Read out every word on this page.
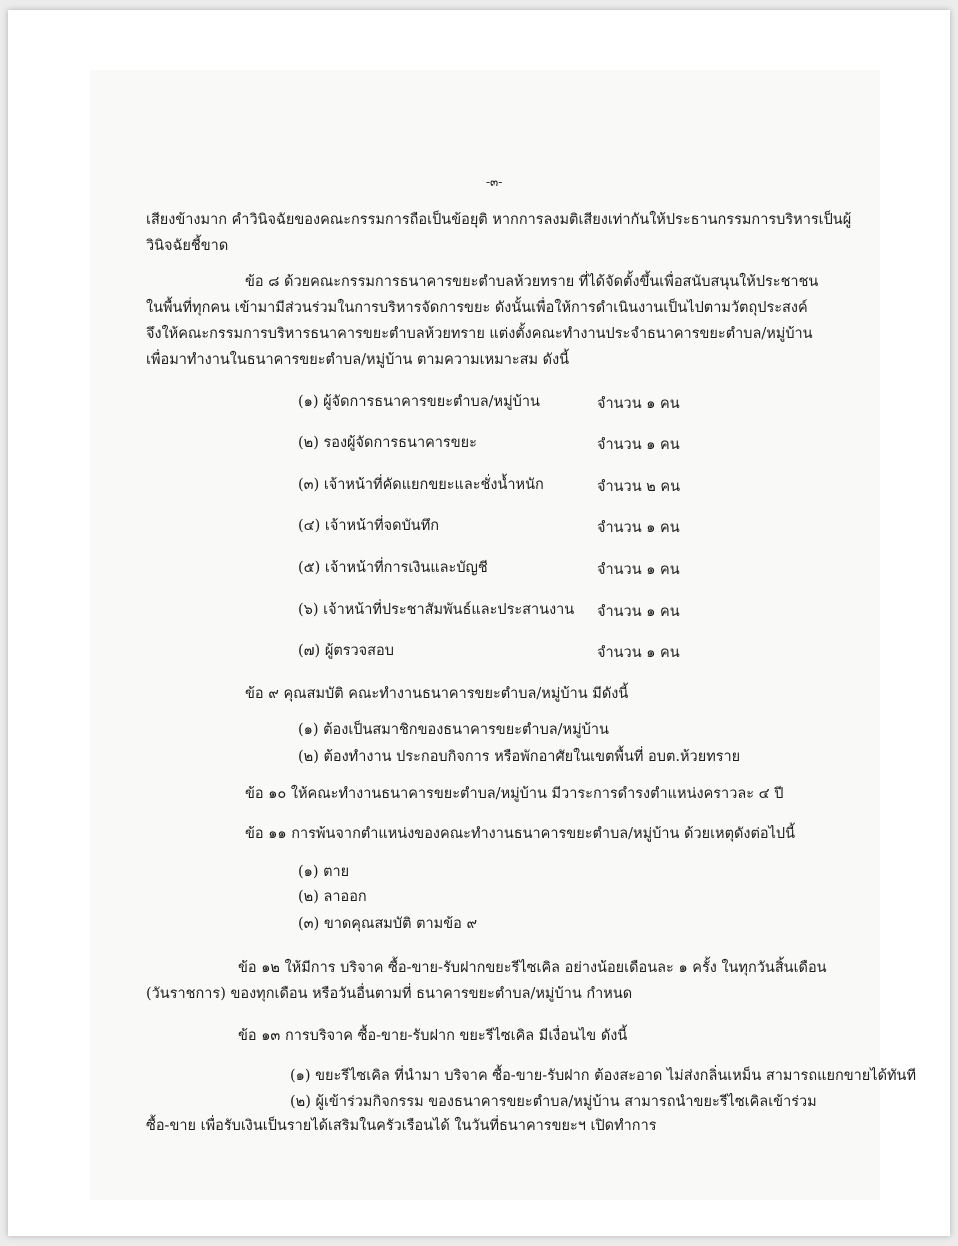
-๓-
เสียงข้างมาก คำวินิจฉัยของคณะกรรมการถือเป็นข้อยุติ หากการลงมติเสียงเท่ากันให้ประธานกรรมการบริหารเป็นผู้
วินิจฉัยชี้ขาด
ข้อ ๘ ด้วยคณะกรรมการธนาคารขยะตำบลห้วยทราย ที่ได้จัดตั้งขึ้นเพื่อสนับสนุนให้ประชาชน
ในพื้นที่ทุกคน เข้ามามีส่วนร่วมในการบริหารจัดการขยะ ดังนั้นเพื่อให้การดำเนินงานเป็นไปตามวัตถุประสงค์
จึงให้คณะกรรมการบริหารธนาคารขยะตำบลห้วยทราย แต่งตั้งคณะทำงานประจำธนาคารขยะตำบล/หมู่บ้าน
เพื่อมาทำงานในธนาคารขยะตำบล/หมู่บ้าน ตามความเหมาะสม ดังนี้
(๑) ผู้จัดการธนาคารขยะตำบล/หมู่บ้าน	จำนวน ๑ คน
(๒) รองผู้จัดการธนาคารขยะ	จำนวน ๑ คน
(๓) เจ้าหน้าที่คัดแยกขยะและชั่งน้ำหนัก	จำนวน ๒ คน
(๔) เจ้าหน้าที่จดบันทึก	จำนวน ๑ คน
(๕) เจ้าหน้าที่การเงินและบัญชี	จำนวน ๑ คน
(๖) เจ้าหน้าที่ประชาสัมพันธ์และประสานงาน จำนวน ๑ คน
(๗) ผู้ตรวจสอบ	จำนวน ๑ คน
ข้อ ๙ คุณสมบัติ คณะทำงานธนาคารขยะตำบล/หมู่บ้าน มีดังนี้
(๑) ต้องเป็นสมาชิกของธนาคารขยะตำบล/หมู่บ้าน
(๒) ต้องทำงาน ประกอบกิจการ หรือพักอาศัยในเขตพื้นที่ อบต.ห้วยทราย
ข้อ ๑๐ ให้คณะทำงานธนาคารขยะตำบล/หมู่บ้าน มีวาระการดำรงตำแหน่งคราวละ ๔ ปี
ข้อ ๑๑ การพ้นจากตำแหน่งของคณะทำงานธนาคารขยะตำบล/หมู่บ้าน ด้วยเหตุดังต่อไปนี้
(๑) ตาย
(๒) ลาออก
(๓) ขาดคุณสมบัติ ตามข้อ ๙
ข้อ ๑๒ ให้มีการ บริจาค ซื้อ-ขาย-รับฝากขยะรีไซเคิล อย่างน้อยเดือนละ ๑ ครั้ง ในทุกวันสิ้นเดือน
(วันราชการ) ของทุกเดือน หรือวันอื่นตามที่ ธนาคารขยะตำบล/หมู่บ้าน กำหนด
ข้อ ๑๓ การบริจาค ซื้อ-ขาย-รับฝาก ขยะรีไซเคิล มีเงื่อนไข ดังนี้
(๑) ขยะรีไซเคิล ที่นำมา บริจาค ซื้อ-ขาย-รับฝาก ต้องสะอาด ไม่ส่งกลิ่นเหม็น สามารถแยกขายได้ทันที
(๒) ผู้เข้าร่วมกิจกรรม ของธนาคารขยะตำบล/หมู่บ้าน สามารถนำขยะรีไซเคิลเข้าร่วม
ซื้อ-ขาย เพื่อรับเงินเป็นรายได้เสริมในครัวเรือนได้ ในวันที่ธนาคารขยะฯ เปิดทำการ
